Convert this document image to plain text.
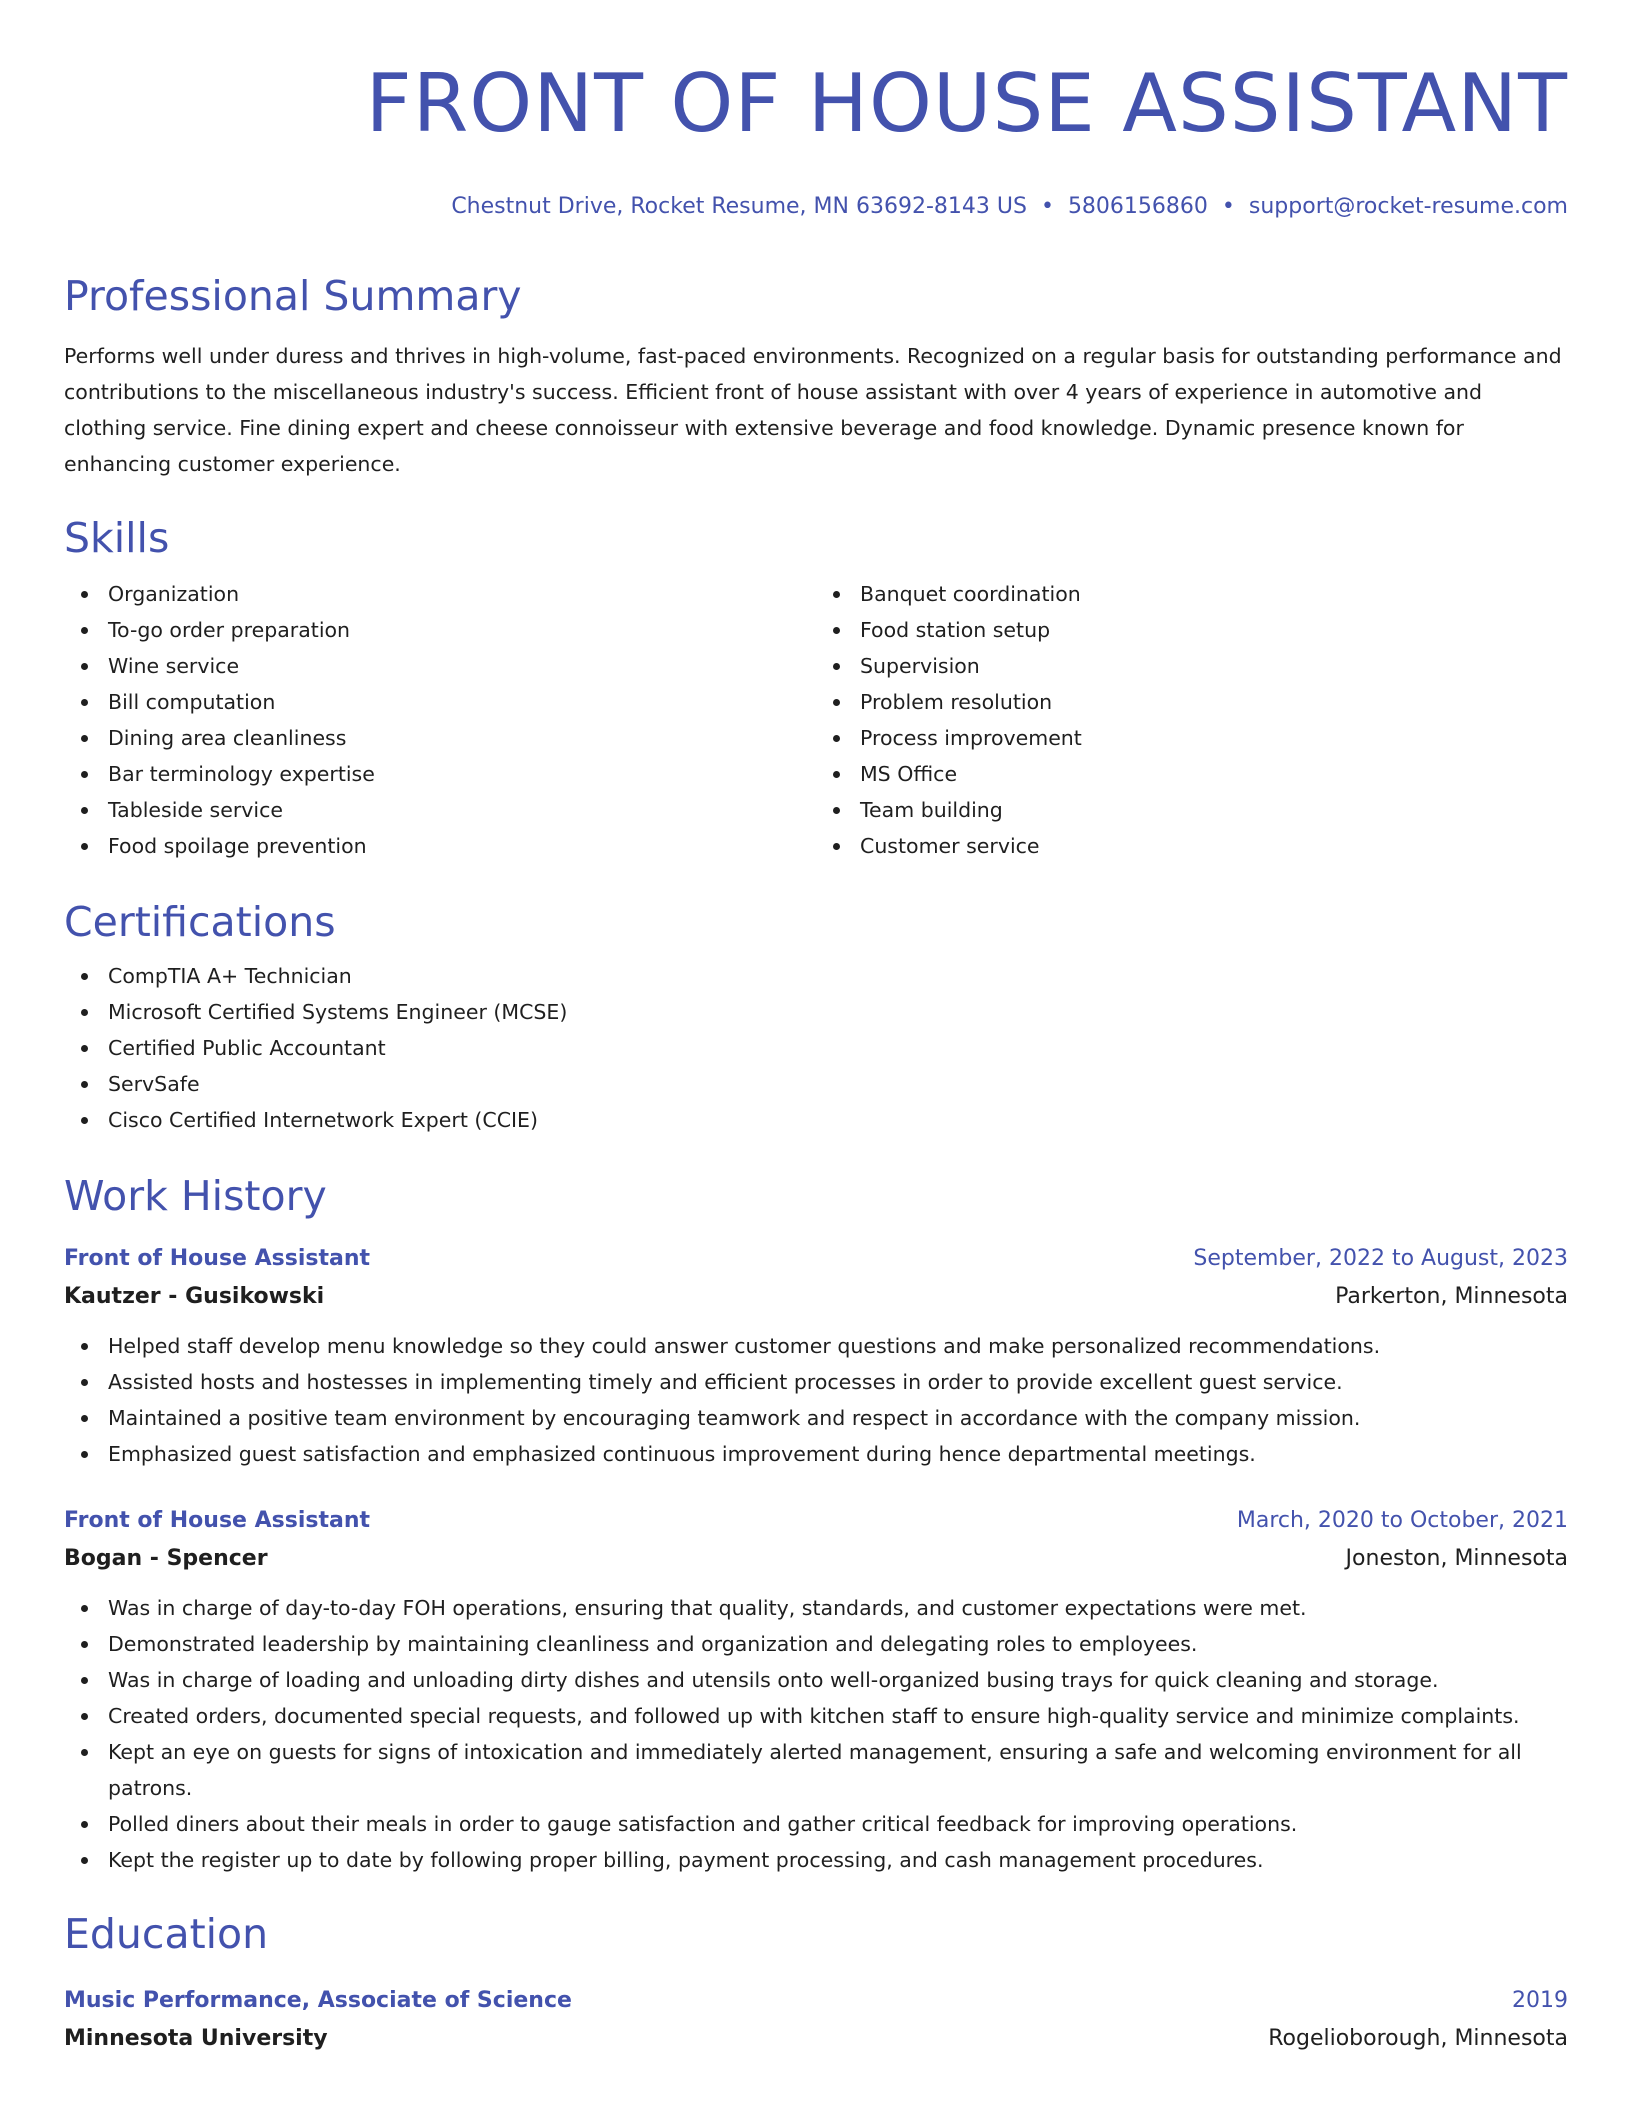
FRONT OF HOUSE ASSISTANT
Chestnut Drive, Rocket Resume, MN 63692-8143 US • 5806156860 • support@rocket-resume.com
Professional Summary
Performs well under duress and thrives in high-volume, fast-paced environments. Recognized on a regular basis for outstanding performance and contributions to the miscellaneous industry's success. Efficient front of house assistant with over 4 years of experience in automotive and clothing service. Fine dining expert and cheese connoisseur with extensive beverage and food knowledge. Dynamic presence known for enhancing customer experience.
Skills
Organization
To-go order preparation
Wine service
Bill computation
Dining area cleanliness
Bar terminology expertise
Tableside service
Food spoilage prevention
Banquet coordination
Food station setup
Supervision
Problem resolution
Process improvement
MS Office
Team building
Customer service
Certifications
CompTIA A+ Technician
Microsoft Certified Systems Engineer (MCSE)
Certified Public Accountant
ServSafe
Cisco Certified Internetwork Expert (CCIE)
Work History
Front of House Assistant	September, 2022 to August, 2023
Kautzer - Gusikowski	Parkerton, Minnesota
Helped staff develop menu knowledge so they could answer customer questions and make personalized recommendations.
Assisted hosts and hostesses in implementing timely and efficient processes in order to provide excellent guest service.
Maintained a positive team environment by encouraging teamwork and respect in accordance with the company mission.
Emphasized guest satisfaction and emphasized continuous improvement during hence departmental meetings.
Front of House Assistant	March, 2020 to October, 2021
Bogan - Spencer	Joneston, Minnesota
Was in charge of day-to-day FOH operations, ensuring that quality, standards, and customer expectations were met.
Demonstrated leadership by maintaining cleanliness and organization and delegating roles to employees.
Was in charge of loading and unloading dirty dishes and utensils onto well-organized busing trays for quick cleaning and storage.
Created orders, documented special requests, and followed up with kitchen staff to ensure high-quality service and minimize complaints.
Kept an eye on guests for signs of intoxication and immediately alerted management, ensuring a safe and welcoming environment for all patrons.
Polled diners about their meals in order to gauge satisfaction and gather critical feedback for improving operations.
Kept the register up to date by following proper billing, payment processing, and cash management procedures.
Education
Music Performance, Associate of Science	2019
Minnesota University	Rogelioborough, Minnesota
